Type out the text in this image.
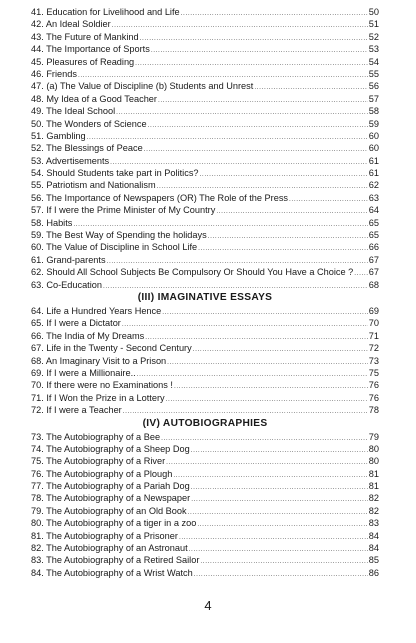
41. Education for Livelihood and Life .....	50
42. An Ideal Soldier .....	51
43. The Future of Mankind .....	52
44. The Importance of Sports .....	53
45. Pleasures of Reading .....	54
46. Friends .....	55
47. (a) The Value of Discipline (b) Students and Unrest .....	56
48. My Idea of a Good Teacher .....	57
49. The Ideal School .....	58
50. The Wonders of Science .....	59
51. Gambling .....	60
52. The Blessings of Peace .....	60
53. Advertisements .....	61
54. Should Students take part in Politics? .....	61
55. Patriotism and Nationalism .....	62
56. The Importance of Newspapers (OR) The Role of the Press .....	63
57. If I were the Prime Minister of My Country .....	64
58. Habits .....	65
59. The Best Way of Spending the holidays .....	65
60. The Value of Discipline in School Life .....	66
61. Grand-parents .....	67
62. Should All School Subjects Be Compulsory Or Should You Have a Choice ? ..... 67
63. Co-Education .....	68
(III) IMAGINATIVE ESSAYS
64. Life a Hundred Years Hence .....	69
65. If I were a Dictator .....	70
66. The India of My Dreams .....	71
67. Life in the Twenty - Second Century .....	72
68. An Imaginary Visit to a Prison .....	73
69. If I were a Millionaire.. .....	75
70. If there were no Examinations ! .....	76
71. If I Won the Prize in a Lottery .....	76
72. If I were a Teacher .....	78
(IV) AUTOBIOGRAPHIES
73. The Autobiography of a Bee .....	79
74. The Autobiography of a Sheep Dog .....	80
75. The Autobiography of a River .....	80
76. The Autobiography of a Plough .....	81
77. The Autobiography of a Pariah Dog .....	81
78. The Autobiography of a Newspaper .....	82
79. The Autobiography of an Old Book .....	82
80. The Autobiography of a tiger in a zoo .....	83
81. The Autobiography of a Prisoner .....	84
82. The Autobiography of an Astronaut .....	84
83. The Autobiography of a Retired Sailor .....	85
84. The Autobiography of a Wrist Watch .....	86
4
